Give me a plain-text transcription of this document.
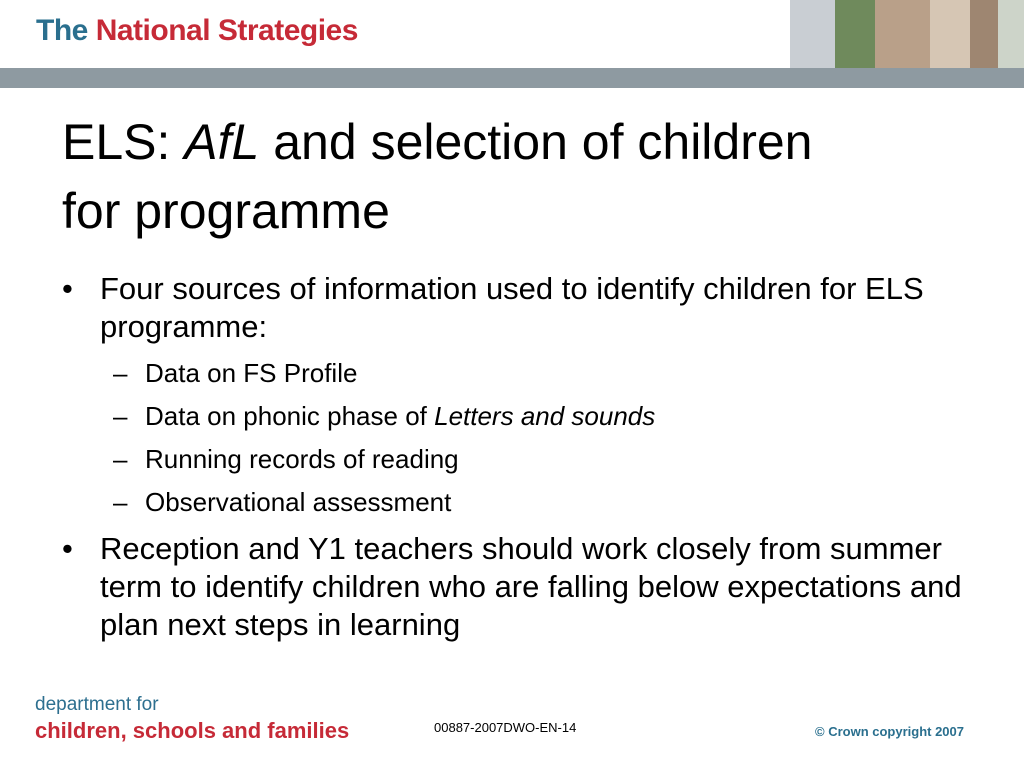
The National Strategies
ELS: AfL and selection of children
for programme
• Four sources of information used to identify children for ELS programme:
– Data on FS Profile
– Data on phonic phase of Letters and sounds
– Running records of reading
– Observational assessment
• Reception and Y1 teachers should work closely from summer term to identify children who are falling below expectations and plan next steps in learning
department for
children, schools and families	00887-2007DWO-EN-14	© Crown copyright 2007
